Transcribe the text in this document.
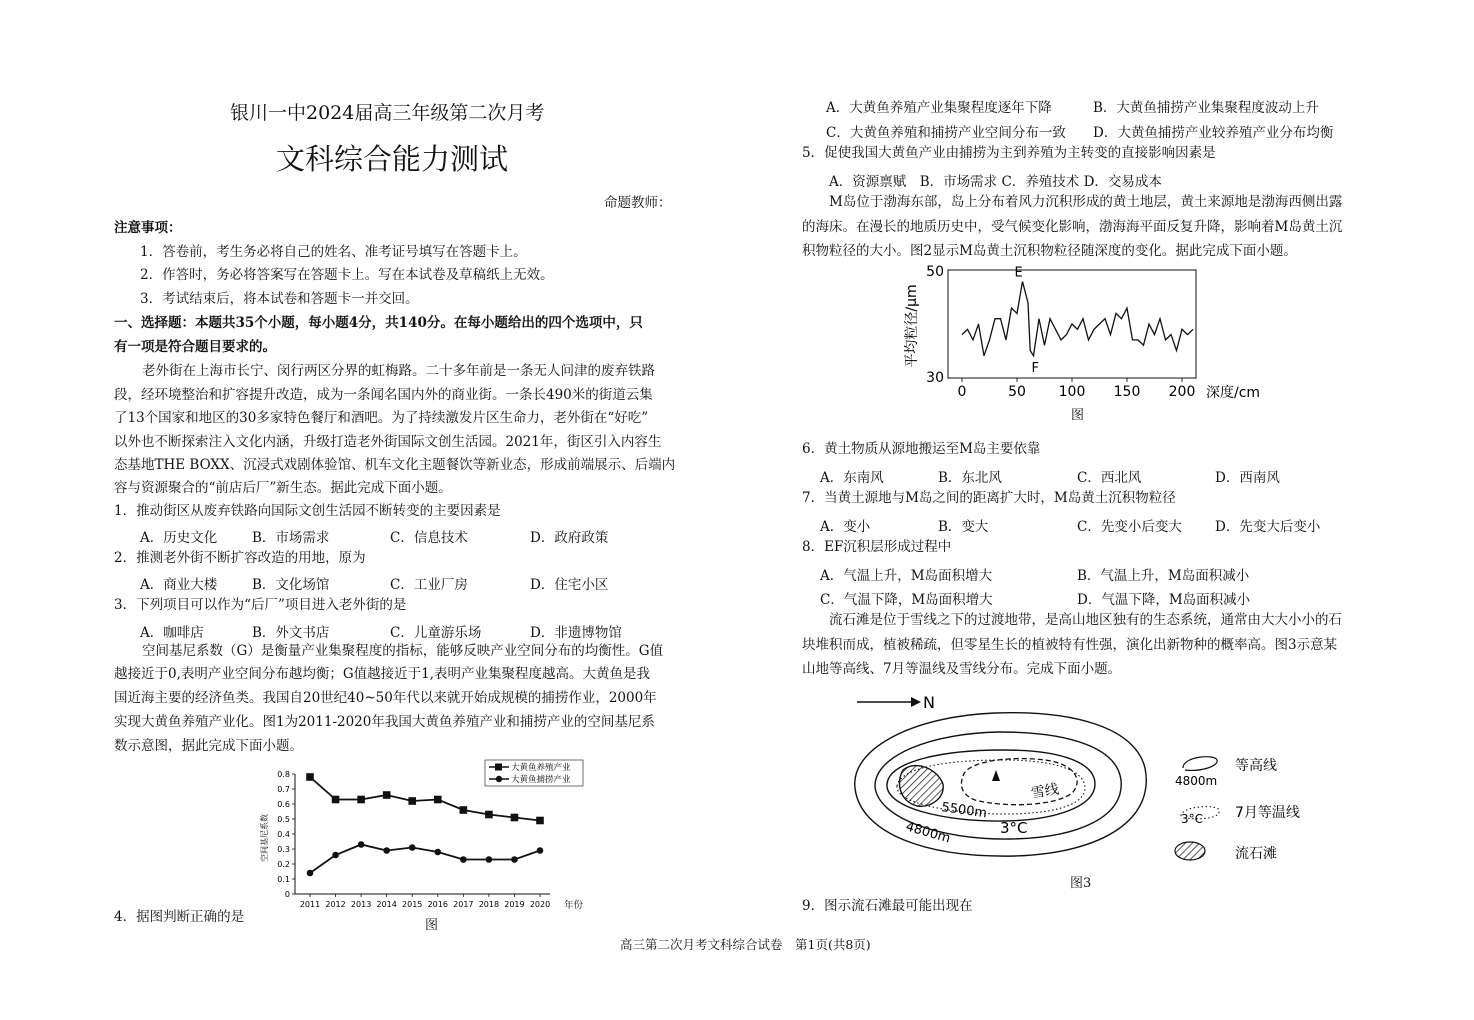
银川一中2024届高三年级第二次月考
文科综合能力测试
命题教师：
注意事项：
1．答卷前，考生务必将自己的姓名、准考证号填写在答题卡上。
2．作答时，务必将答案写在答题卡上。写在本试卷及草稿纸上无效。
3．考试结束后，将本试卷和答题卡一并交回。
一、选择题：本题共35个小题，每小题4分，共140分。在每小题给出的四个选项中，只
有一项是符合题目要求的。
老外街在上海市长宁、闵行两区分界的虹梅路。二十多年前是一条无人问津的废弃铁路
段，经环境整治和扩容提升改造，成为一条闻名国内外的商业街。一条长490米的街道云集
了13个国家和地区的30多家特色餐厅和酒吧。为了持续激发片区生命力，老外街在“好吃”
以外也不断探索注入文化内涵，升级打造老外街国际文创生活园。2021年，街区引入内容生
态基地THE BOXX、沉浸式戏剧体验馆、机车文化主题餐饮等新业态，形成前端展示、后端内
容与资源聚合的“前店后厂”新生态。据此完成下面小题。
1．推动街区从废弃铁路向国际文创生活园不断转变的主要因素是
A．历史文化	B．市场需求	C．信息技术	D．政府政策
2．推测老外街不断扩容改造的用地，原为
A．商业大楼	B．文化场馆	C．工业厂房	D．住宅小区
3．下列项目可以作为“后厂”项目进入老外街的是
A．咖啡店	B．外文书店	C．儿童游乐场	D．非遗博物馆
空间基尼系数（G）是衡量产业集聚程度的指标，能够反映产业空间分布的均衡性。G值
越接近于0,表明产业空间分布越均衡；G值越接近于1,表明产业集聚程度越高。大黄鱼是我
国近海主要的经济鱼类。我国自20世纪40~50年代以来就开始成规模的捕捞作业，2000年
实现大黄鱼养殖产业化。图1为2011-2020年我国大黄鱼养殖产业和捕捞产业的空间基尼系
数示意图，据此完成下面小题。
空间基尼系数
0
0.1
0.2
0.3
0.4
0.5
0.6
0.7
0.8
2011 2012 2013 2014 2015 2016 2017 2018 2019 2020
大黄鱼养殖产业
大黄鱼捕捞产业
年份
图
4．据图判断正确的是
A．大黄鱼养殖产业集聚程度逐年下降	B．大黄鱼捕捞产业集聚程度波动上升
C．大黄鱼养殖和捕捞产业空间分布一致 D．大黄鱼捕捞产业较养殖产业分布均衡
5．促使我国大黄鱼产业由捕捞为主到养殖为主转变的直接影响因素是
A．资源禀赋　B．市场需求 C．养殖技术 D．交易成本
M岛位于渤海东部，岛上分布着风力沉积形成的黄土地层，黄土来源地是渤海西侧出露
的海床。在漫长的地质历史中，受气候变化影响，渤海海平面反复升降，影响着M岛黄土沉
积物粒径的大小。图2显示M岛黄土沉积物粒径随深度的变化。据此完成下面小题。
平均粒径/μm
0	50 100 150 200
30
50	E
F
深度/cm
图
6．黄土物质从源地搬运至M岛主要依靠
A．东南风	B．东北风	C．西北风	D．西南风
7．当黄土源地与M岛之间的距离扩大时，M岛黄土沉积物粒径
A．变小	B．变大	C．先变小后变大 D．先变大后变小
8．EF沉积层形成过程中
A．气温上升，M岛面积增大	B．气温上升，M岛面积减小
C．气温下降，M岛面积增大	D．气温下降，M岛面积减小
流石滩是位于雪线之下的过渡地带，是高山地区独有的生态系统，通常由大大小小的石
块堆积而成，植被稀疏，但零星生长的植被特有性强，演化出新物种的概率高。图3示意某
山地等高线、7月等温线及雪线分布。完成下面小题。
N
雪线
5500m
4800m	3°C
4800m
等高线
3°C 7月等温线
流石滩
图3
9．图示流石滩最可能出现在
高三第二次月考文科综合试卷　第1页(共8页)
